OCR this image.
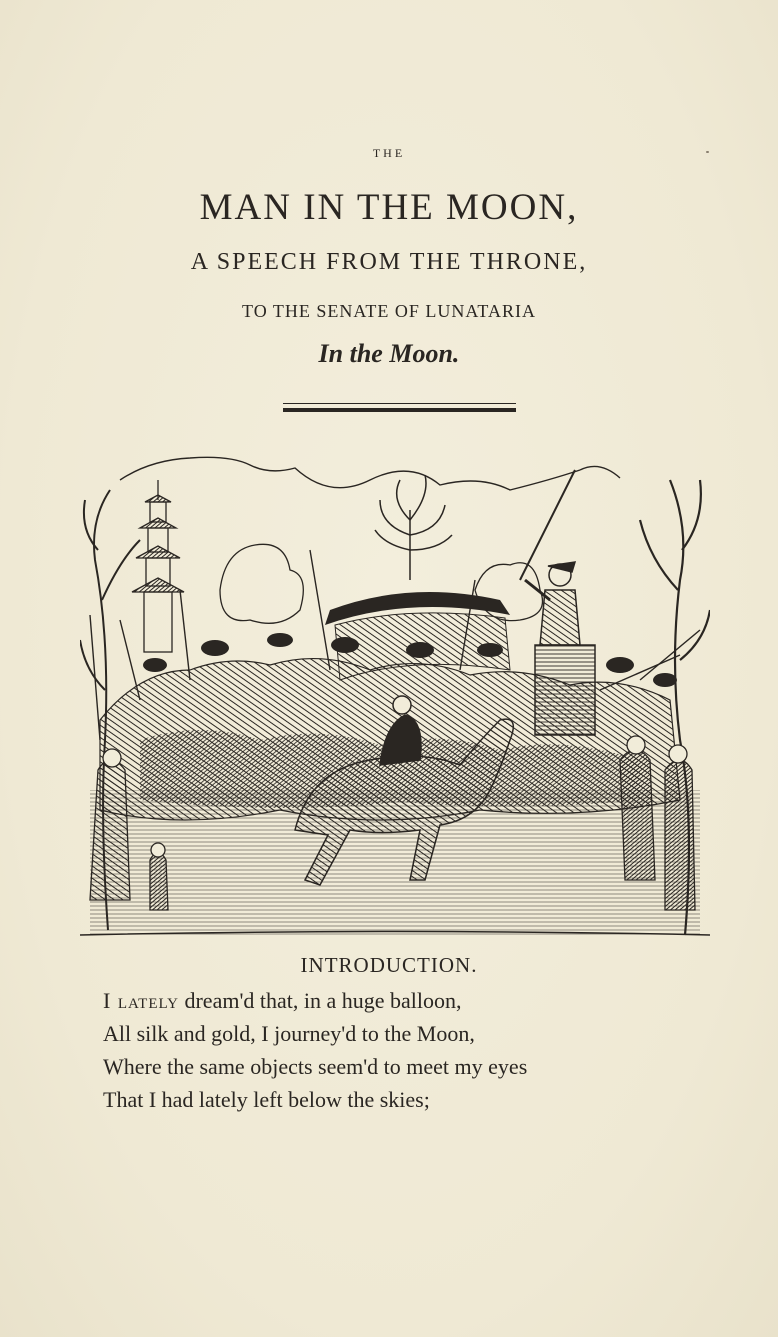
THE
MAN IN THE MOON,
A SPEECH FROM THE THRONE,
TO THE SENATE OF LUNATARIA
In the Moon.
INTRODUCTION.
I lately dream'd that, in a huge balloon,
All silk and gold, I journey'd to the Moon,
Where the same objects seem'd to meet my eyes
That I had lately left below the skies;
